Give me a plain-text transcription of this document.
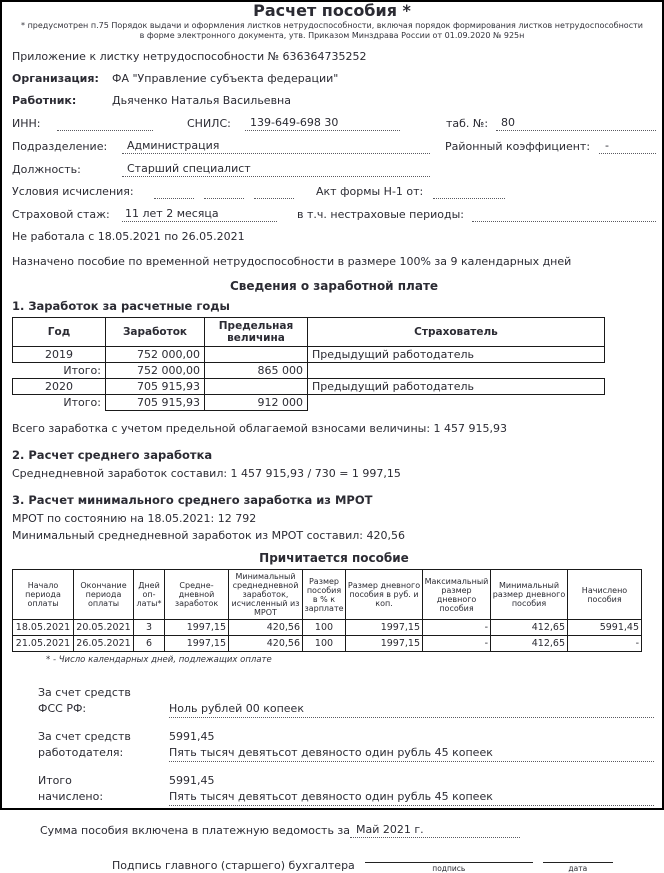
Расчет пособия *
* предусмотрен п.75 Порядок выдачи и оформления листков нетрудоспособности, включая порядок формирования листков нетрудоспособности
в форме электронного документа, утв. Приказом Минздрава России от 01.09.2020 № 925н
Приложение к листку нетрудоспособности № 636364735252
Организация:	ФА "Управление субъекта федерации"
Работник:	Дьяченко Наталья Васильевна
ИНН:	СНИЛС:	139-649-698 30	таб. №:	80
Подразделение:	Администрация	Районный коэффициент:	-
Должность:	Старший специалист
Условия исчисления:	Акт формы Н-1 от:
Страховой стаж:	11 лет 2 месяца	в т.ч. нестраховые периоды:
Не работала с 18.05.2021 по 26.05.2021
Назначено пособие по временной нетрудоспособности в размере 100% за 9 календарных дней
Сведения о заработной плате
1. Заработок за расчетные годы
Год	Заработок	Предельная величина	Страхователь
2019	752 000,00		Предыдущий работодатель
Итого:	752 000,00	865 000	
2020	705 915,93		Предыдущий работодатель
Итого:	705 915,93	912 000	
Всего заработка с учетом предельной облагаемой взносами величины: 1 457 915,93
2. Расчет среднего заработка
Среднедневной заработок составил: 1 457 915,93 / 730 = 1 997,15
3. Расчет минимального среднего заработка из МРОТ
МРОТ по состоянию на 18.05.2021: 12 792
Минимальный среднедневной заработок из МРОТ составил: 420,56
Причитается пособие
Начало периода оплаты	Окончание периода оплаты	Дней оп-латы*	Средне-дневной заработок	Минимальный среднедневной заработок, исчисленный из МРОТ	Размер пособия в % к зарплате	Размер дневного пособия в руб. и коп.	Максимальный размер дневного пособия	Минимальный размер дневного пособия	Начислено пособия
18.05.2021	20.05.2021	3	1997,15	420,56	100	1997,15	-	412,65	5991,45
21.05.2021	26.05.2021	6	1997,15	420,56	100	1997,15	-	412,65	-
* - Число календарных дней, подлежащих оплате
За счет средств
ФСС РФ:	Ноль рублей 00 копеек
За счет средств
работодателя:
5991,45
Пять тысяч девятьсот девяносто один рубль 45 копеек
Итого
начислено:
5991,45
Пять тысяч девятьсот девяносто один рубль 45 копеек
Сумма пособия включена в платежную ведомость за Май 2021 г.
Подпись главного (старшего) бухгалтера	подпись	дата
